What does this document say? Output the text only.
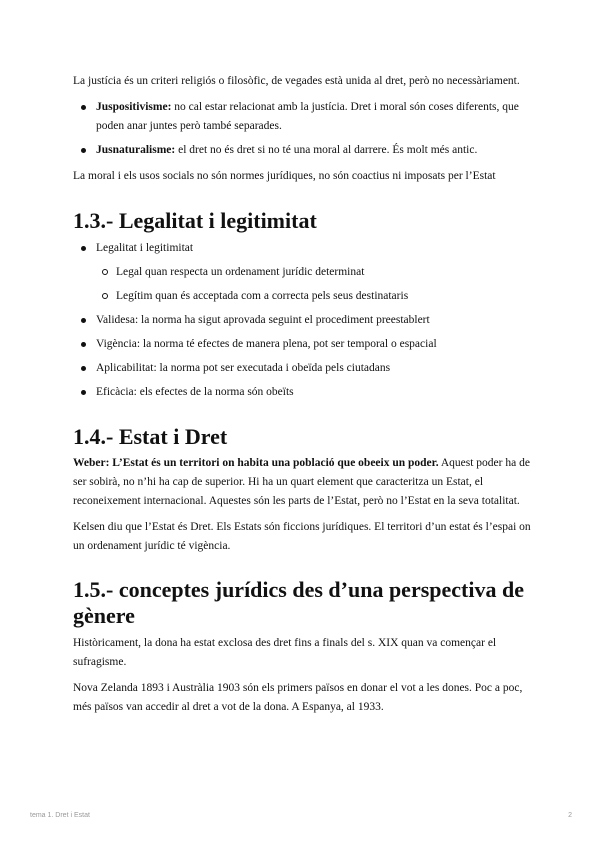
La justícia és un criteri religiós o filosòfic, de vegades està unida al dret, però no necessàriament.

Juspositivisme: no cal estar relacionat amb la justícia. Dret i moral són coses diferents, que poden anar juntes però també separades.
Jusnaturalisme: el dret no és dret si no té una moral al darrere. És molt més antic.

La moral i els usos socials no són normes jurídiques, no són coactius ni imposats per l’Estat

1.3.- Legalitat i legitimitat
Legalitat i legitimitat
Legal quan respecta un ordenament jurídic determinat
Legítim quan és acceptada com a correcta pels seus destinataris
Validesa: la norma ha sigut aprovada seguint el procediment preestablert
Vigència: la norma té efectes de manera plena, pot ser temporal o espacial
Aplicabilitat: la norma pot ser executada i obeïda pels ciutadans
Eficàcia: els efectes de la norma són obeïts
1.4.- Estat i Dret

Weber: L’Estat és un territori on habita una població que obeeix un poder. Aquest poder ha de ser sobirà, no n’hi ha cap de superior. Hi ha un quart element que caracteritza un Estat, el reconeixement internacional. Aquestes són les parts de l’Estat, però no l’Estat en la seva totalitat.

Kelsen diu que l’Estat és Dret. Els Estats són ficcions jurídiques. El territori d’un estat és l’espai on un ordenament jurídic té vigència.

1.5.- conceptes jurídics des d’una perspectiva de gènere

Històricament, la dona ha estat exclosa des dret fins a finals del s. XIX quan va començar el sufragisme.

Nova Zelanda 1893 i Austràlia 1903 són els primers països en donar el vot a les dones. Poc a poc, més països van accedir al dret a vot de la dona. A Espanya, al 1933.

tema 1. Dret i Estat	2
